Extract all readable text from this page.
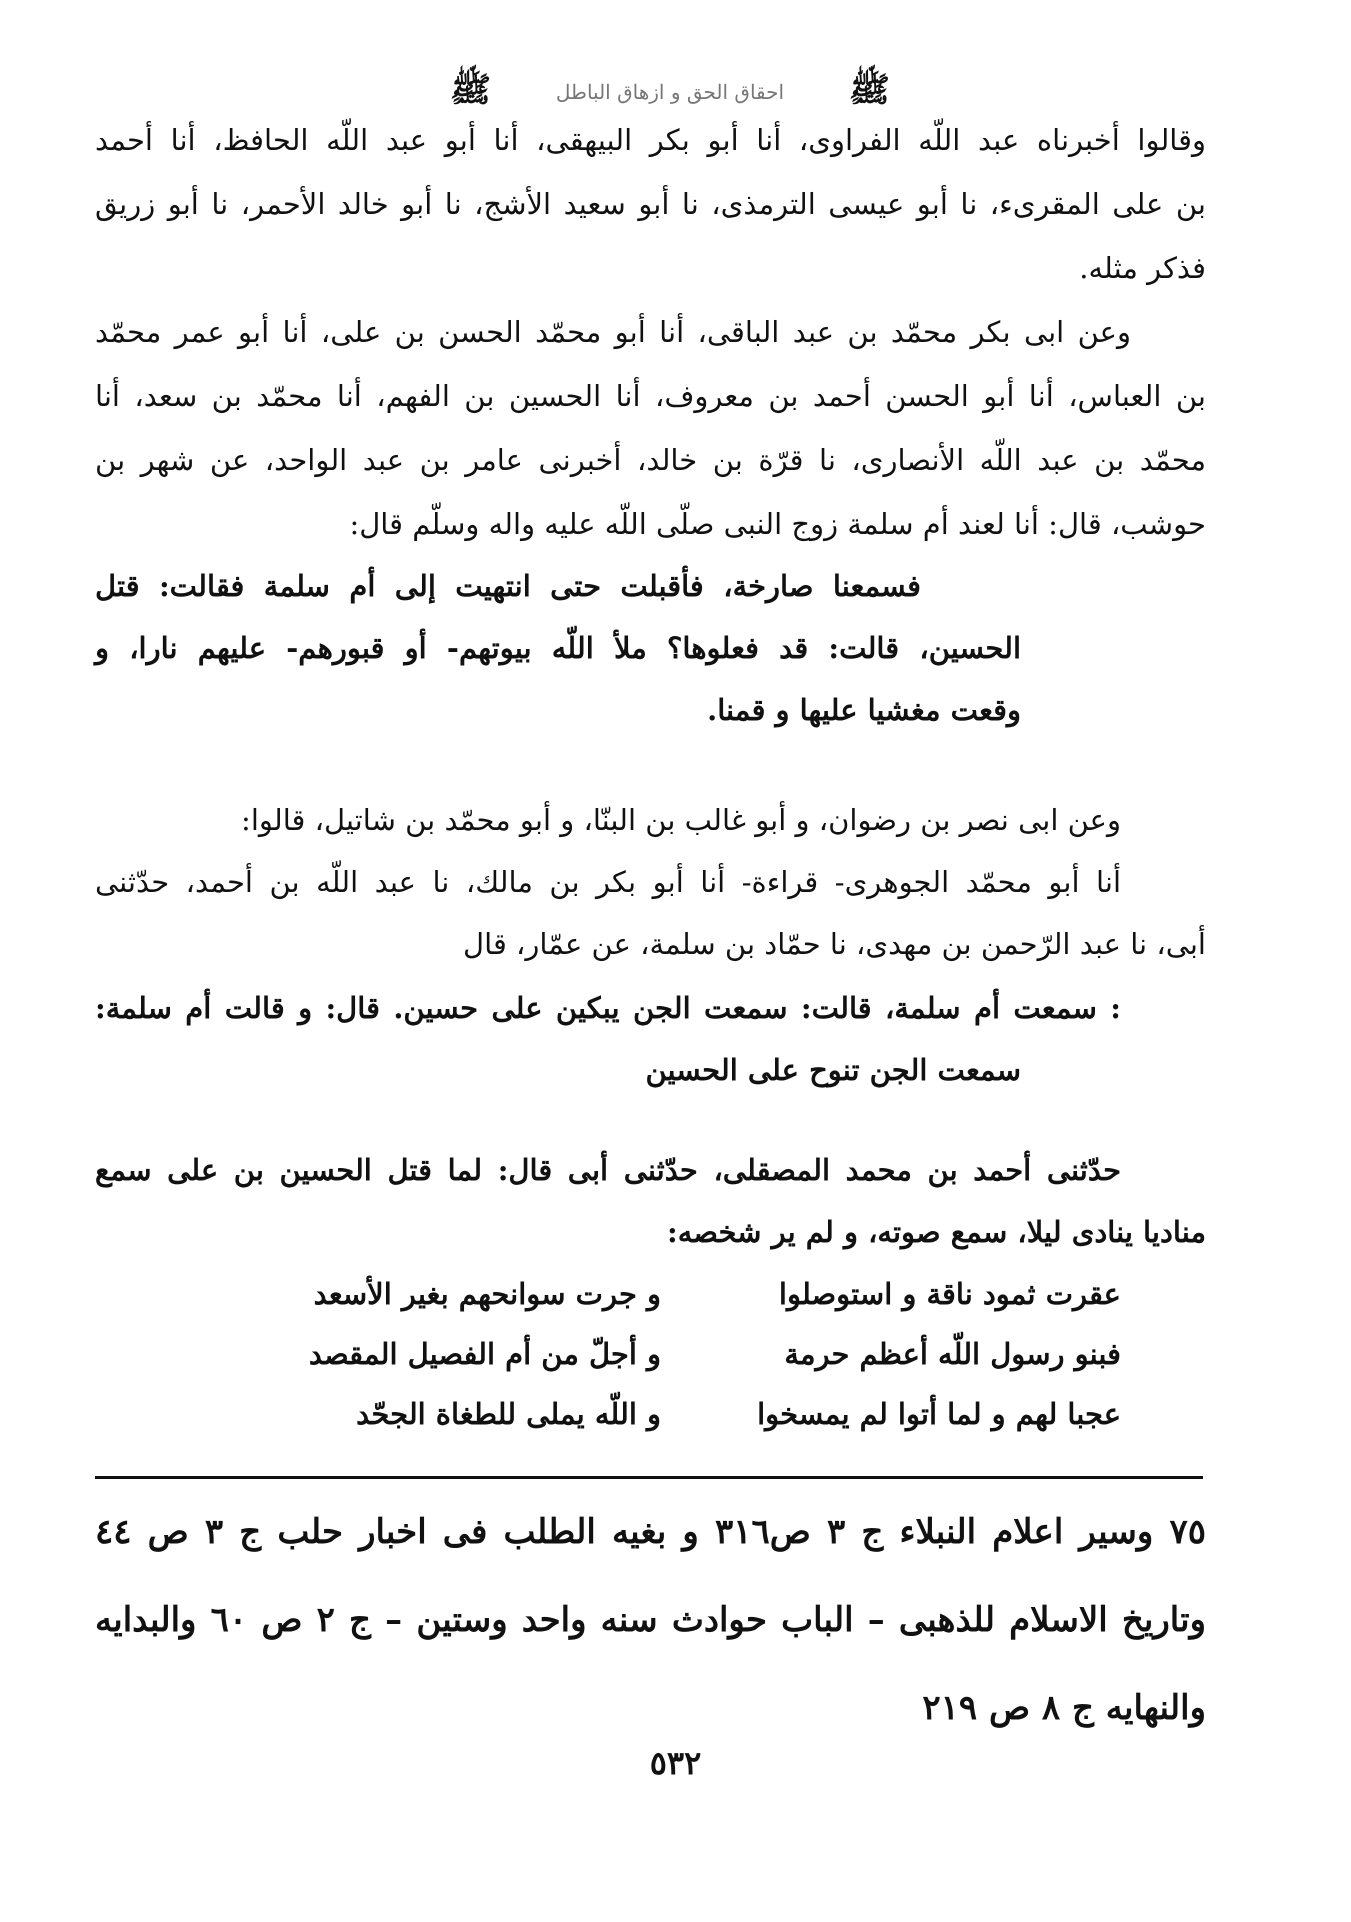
ﷺ	احقاق الحق و ازهاق الباطل	ﷺ
وقالوا أخبرناه عبد اللّه الفراوی، أنا أبو بكر البيهقی، أنا أبو عبد اللّه الحافظ، أنا أحمد
بن علی المقریء، نا أبو عيسى الترمذی، نا أبو سعيد الأشج، نا أبو خالد الأحمر، نا أبو زريق
فذكر مثله.
وعن ابی بكر محمّد بن عبد الباقی، أنا أبو محمّد الحسن بن علی، أنا أبو عمر محمّد
بن العباس، أنا أبو الحسن أحمد بن معروف، أنا الحسين بن الفهم، أنا محمّد بن سعد، أنا
محمّد بن عبد اللّه الأنصاری، نا قرّة بن خالد، أخبرنی عامر بن عبد الواحد، عن شهر بن
حوشب، قال: أنا لعند أم سلمة زوج النبی صلّى اللّه عليه واله وسلّم قال:
فسمعنا صارخة، فأقبلت حتى انتهيت إلى أم سلمة فقالت: قتل
الحسين، قالت: قد فعلوها؟ ملأ اللّه بيوتهم- أو قبورهم- عليهم نارا، و
وقعت مغشيا عليها و قمنا.
وعن ابی نصر بن رضوان، و أبو غالب بن البنّا، و أبو محمّد بن شاتيل، قالوا:
أنا أبو محمّد الجوهری- قراءة- أنا أبو بكر بن مالك، نا عبد اللّه بن أحمد، حدّثنی
أبی، نا عبد الرّحمن بن مهدی، نا حمّاد بن سلمة، عن عمّار، قال
: سمعت أم سلمة، قالت: سمعت الجن يبكين على حسين. قال: و قالت أم سلمة:
سمعت الجن تنوح على الحسين
حدّثنی أحمد بن محمد المصقلی، حدّثنی أبی قال: لما قتل الحسين بن علی سمع
مناديا ينادی ليلا، سمع صوته، و لم ير شخصه:
عقرت ثمود ناقة و استوصلوا
و جرت سوانحهم بغير الأسعد
فبنو رسول اللّه أعظم حرمة
و أجلّ من أم الفصيل المقصد
عجبا لهم و لما أتوا لم يمسخوا
و اللّه يملی للطغاة الجحّد
٧٥ وسير اعلام النبلاء ج ٣ ص٣١٦ و بغيه الطلب فی اخبار حلب ج ٣ ص ٤٤
وتاريخ الاسلام للذهبی – الباب حوادث سنه واحد وستين – ج ٢ ص ٦٠ والبدايه
والنهايه ج ٨ ص ٢١٩
٥٣٢
